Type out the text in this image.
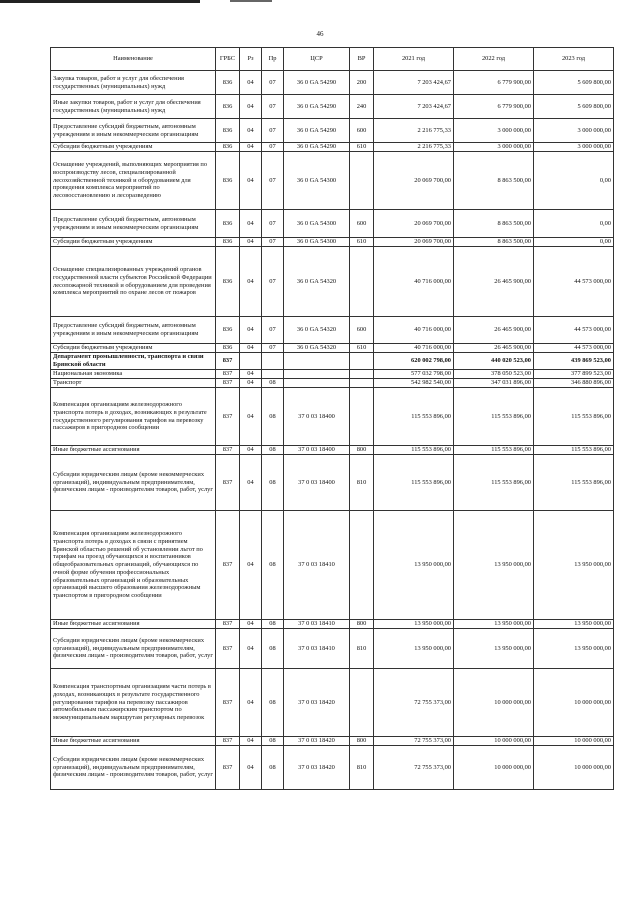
46
Наименование	ГРБС	Рз	Пр	ЦСР	ВР	2021 год	2022 год	2023 год
Закупка товаров, работ и услуг для обеспечения государственных (муниципальных) нужд	836	04	07	36 0 GA 54290	200	7 203 424,67	6 779 900,00	5 609 800,00
Иные закупки товаров, работ и услуг для обеспечения государственных (муниципальных) нужд	836	04	07	36 0 GA 54290	240	7 203 424,67	6 779 900,00	5 609 800,00
Предоставление субсидий бюджетным, автономным учреждениям и иным некоммерческим организациям	836	04	07	36 0 GA 54290	600	2 216 775,33	3 000 000,00	3 000 000,00
Субсидии бюджетным учреждениям	836	04	07	36 0 GA 54290	610	2 216 775,33	3 000 000,00	3 000 000,00
Оснащение учреждений, выполняющих мероприятия по воспроизводству лесов, специализированной лесохозяйственной техникой и оборудованием для проведения комплекса мероприятий по лесовосстановлению и лесоразведению	836	04	07	36 0 GA 54300		20 069 700,00	8 863 500,00	0,00
Предоставление субсидий бюджетным, автономным учреждениям и иным некоммерческим организациям	836	04	07	36 0 GA 54300	600	20 069 700,00	8 863 500,00	0,00
Субсидии бюджетным учреждениям	836	04	07	36 0 GA 54300	610	20 069 700,00	8 863 500,00	0,00
Оснащение специализированных учреждений органов государственной власти субъектов Российской Федерации лесопожарной техникой и оборудованием для проведения комплекса мероприятий по охране лесов от пожаров	836	04	07	36 0 GA 54320		40 716 000,00	26 465 900,00	44 573 000,00
Предоставление субсидий бюджетным, автономным учреждениям и иным некоммерческим организациям	836	04	07	36 0 GA 54320	600	40 716 000,00	26 465 900,00	44 573 000,00
Субсидии бюджетным учреждениям	836	04	07	36 0 GA 54320	610	40 716 000,00	26 465 900,00	44 573 000,00
Департамент промышленности, транспорта и связи Брянской области	837					620 002 798,00	440 020 523,00	439 869 523,00
Национальная экономика	837	04				577 032 798,00	378 050 523,00	377 899 523,00
Транспорт	837	04	08			542 982 540,00	347 031 896,00	346 880 896,00
Компенсация организациям железнодорожного транспорта потерь в доходах, возникающих в результате государственного регулирования тарифов на перевозку пассажиров в пригородном сообщении	837	04	08	37 0 03 18400		115 553 896,00	115 553 896,00	115 553 896,00
Иные бюджетные ассигнования	837	04	08	37 0 03 18400	800	115 553 896,00	115 553 896,00	115 553 896,00
Субсидии юридическим лицам (кроме некоммерческих организаций), индивидуальным предпринимателям, физическим лицам - производителям товаров, работ, услуг	837	04	08	37 0 03 18400	810	115 553 896,00	115 553 896,00	115 553 896,00
Компенсация организациям железнодорожного транспорта потерь в доходах в связи с принятием Брянской областью решений об установлении льгот по тарифам на проезд обучающихся и воспитанников общеобразовательных организаций, обучающихся по очной форме обучения профессиональных образовательных организаций и образовательных организаций высшего образования железнодорожным транспортом в пригородном сообщении	837	04	08	37 0 03 18410		13 950 000,00	13 950 000,00	13 950 000,00
Иные бюджетные ассигнования	837	04	08	37 0 03 18410	800	13 950 000,00	13 950 000,00	13 950 000,00
Субсидии юридическим лицам (кроме некоммерческих организаций), индивидуальным предпринимателям, физическим лицам - производителям товаров, работ, услуг	837	04	08	37 0 03 18410	810	13 950 000,00	13 950 000,00	13 950 000,00
Компенсация транспортным организациям части потерь в доходах, возникающих в результате государственного регулирования тарифов на перевозку пассажиров автомобильным пассажирским транспортом по межмуниципальным маршрутам регулярных перевозок	837	04	08	37 0 03 18420		72 755 373,00	10 000 000,00	10 000 000,00
Иные бюджетные ассигнования	837	04	08	37 0 03 18420	800	72 755 373,00	10 000 000,00	10 000 000,00
Субсидии юридическим лицам (кроме некоммерческих организаций), индивидуальным предпринимателям, физическим лицам - производителям товаров, работ, услуг	837	04	08	37 0 03 18420	810	72 755 373,00	10 000 000,00	10 000 000,00
